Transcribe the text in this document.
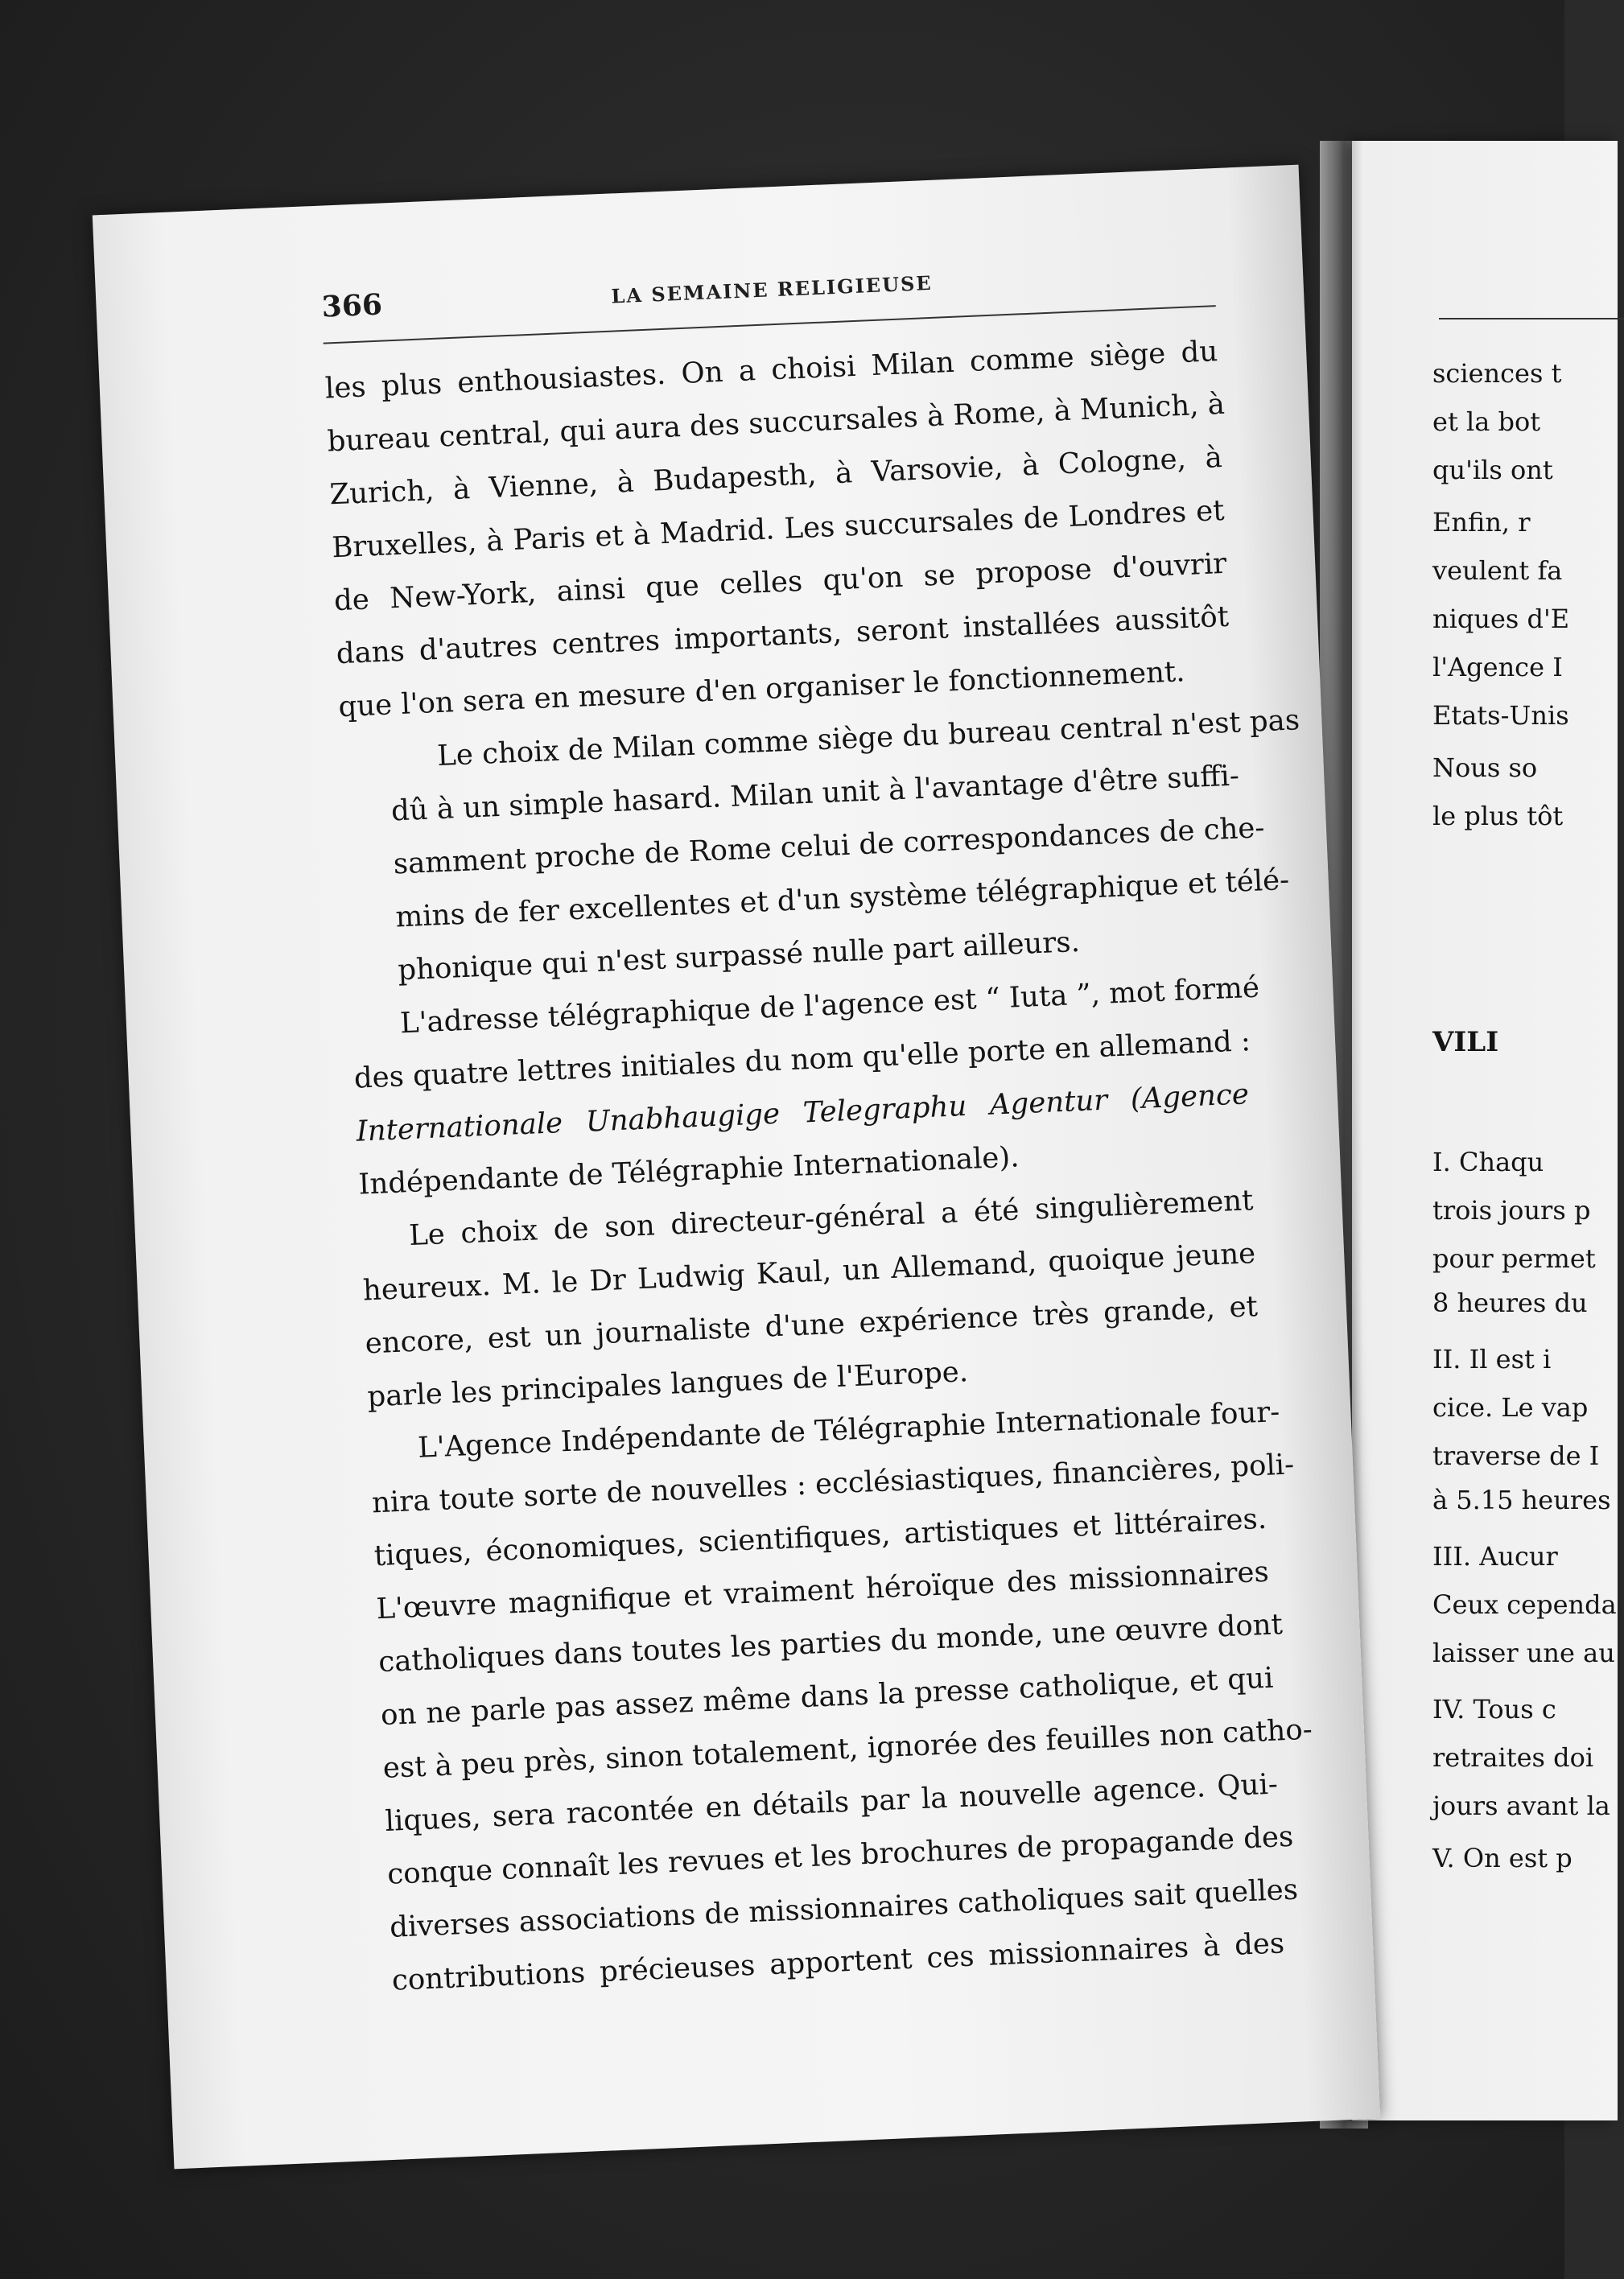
sciences t
et la bot
qu'ils ont
Enfin, r
veulent fa
niques d'E
l'Agence I
Etats-Unis
Nous so
le plus tôt
VILI
I. Chaqu
trois jours p
pour permet
8 heures du
II. Il est i
cice. Le vap
traverse de I
à 5.15 heures
III. Aucur
Ceux cependa
laisser une au
IV. Tous c
retraites doi
jours avant la
V. On est p
366	LA SEMAINE RELIGIEUSE

les plus enthousiastes. On a choisi Milan comme siège du
bureau central, qui aura des succursales à Rome, à Munich, à
Zurich, à Vienne, à Budapesth, à Varsovie, à Cologne, à
Bruxelles, à Paris et à Madrid. Les succursales de Londres et
de New-York, ainsi que celles qu'on se propose d'ouvrir
dans d'autres centres importants, seront installées aussitôt
que l'on sera en mesure d'en organiser le fonctionnement.

Le choix de Milan comme siège du bureau central n'est pas
dû à un simple hasard. Milan unit à l'avantage d'être suffi-
samment proche de Rome celui de correspondances de che-
mins de fer excellentes et d'un système télégraphique et télé-
phonique qui n'est surpassé nulle part ailleurs.

L'adresse télégraphique de l'agence est “ Iuta ”, mot formé
des quatre lettres initiales du nom qu'elle porte en allemand :
Internationale Unabhaugige Telegraphu Agentur (Agence
Indépendante de Télégraphie Internationale).

Le choix de son directeur-général a été singulièrement
heureux. M. le Dr Ludwig Kaul, un Allemand, quoique jeune
encore, est un journaliste d'une expérience très grande, et
parle les principales langues de l'Europe.

L'Agence Indépendante de Télégraphie Internationale four-
nira toute sorte de nouvelles : ecclésiastiques, financières, poli-
tiques, économiques, scientifiques, artistiques et littéraires.
L'œuvre magnifique et vraiment héroïque des missionnaires
catholiques dans toutes les parties du monde, une œuvre dont
on ne parle pas assez même dans la presse catholique, et qui
est à peu près, sinon totalement, ignorée des feuilles non catho-
liques, sera racontée en détails par la nouvelle agence. Qui-
conque connaît les revues et les brochures de propagande des
diverses associations de missionnaires catholiques sait quelles
contributions précieuses apportent ces missionnaires à des
